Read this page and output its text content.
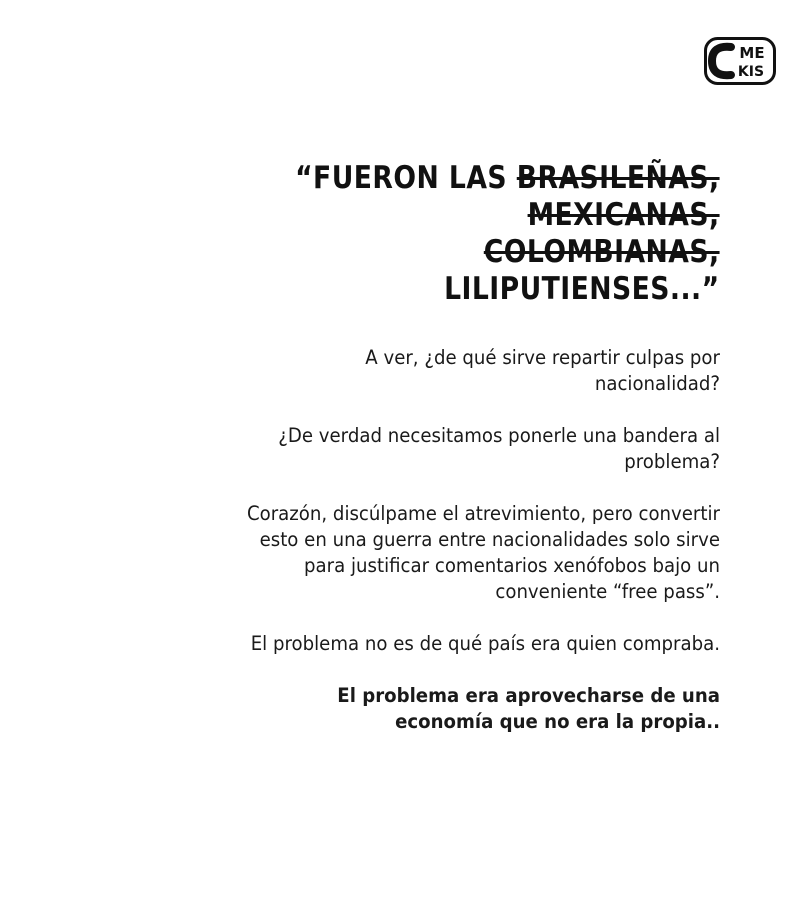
ME
KIS
“FUERON LAS BRASILEÑAS,
MEXICANAS,
COLOMBIANAS,
LILIPUTIENSES...”

A ver, ¿de qué sirve repartir culpas por nacionalidad?

¿De verdad necesitamos ponerle una bandera al problema?

Corazón, discúlpame el atrevimiento, pero convertir esto en una guerra entre nacionalidades solo sirve para justificar comentarios xenófobos bajo un conveniente “free pass”.

El problema no es de qué país era quien compraba.

El problema era aprovecharse de una economía que no era la propia..
